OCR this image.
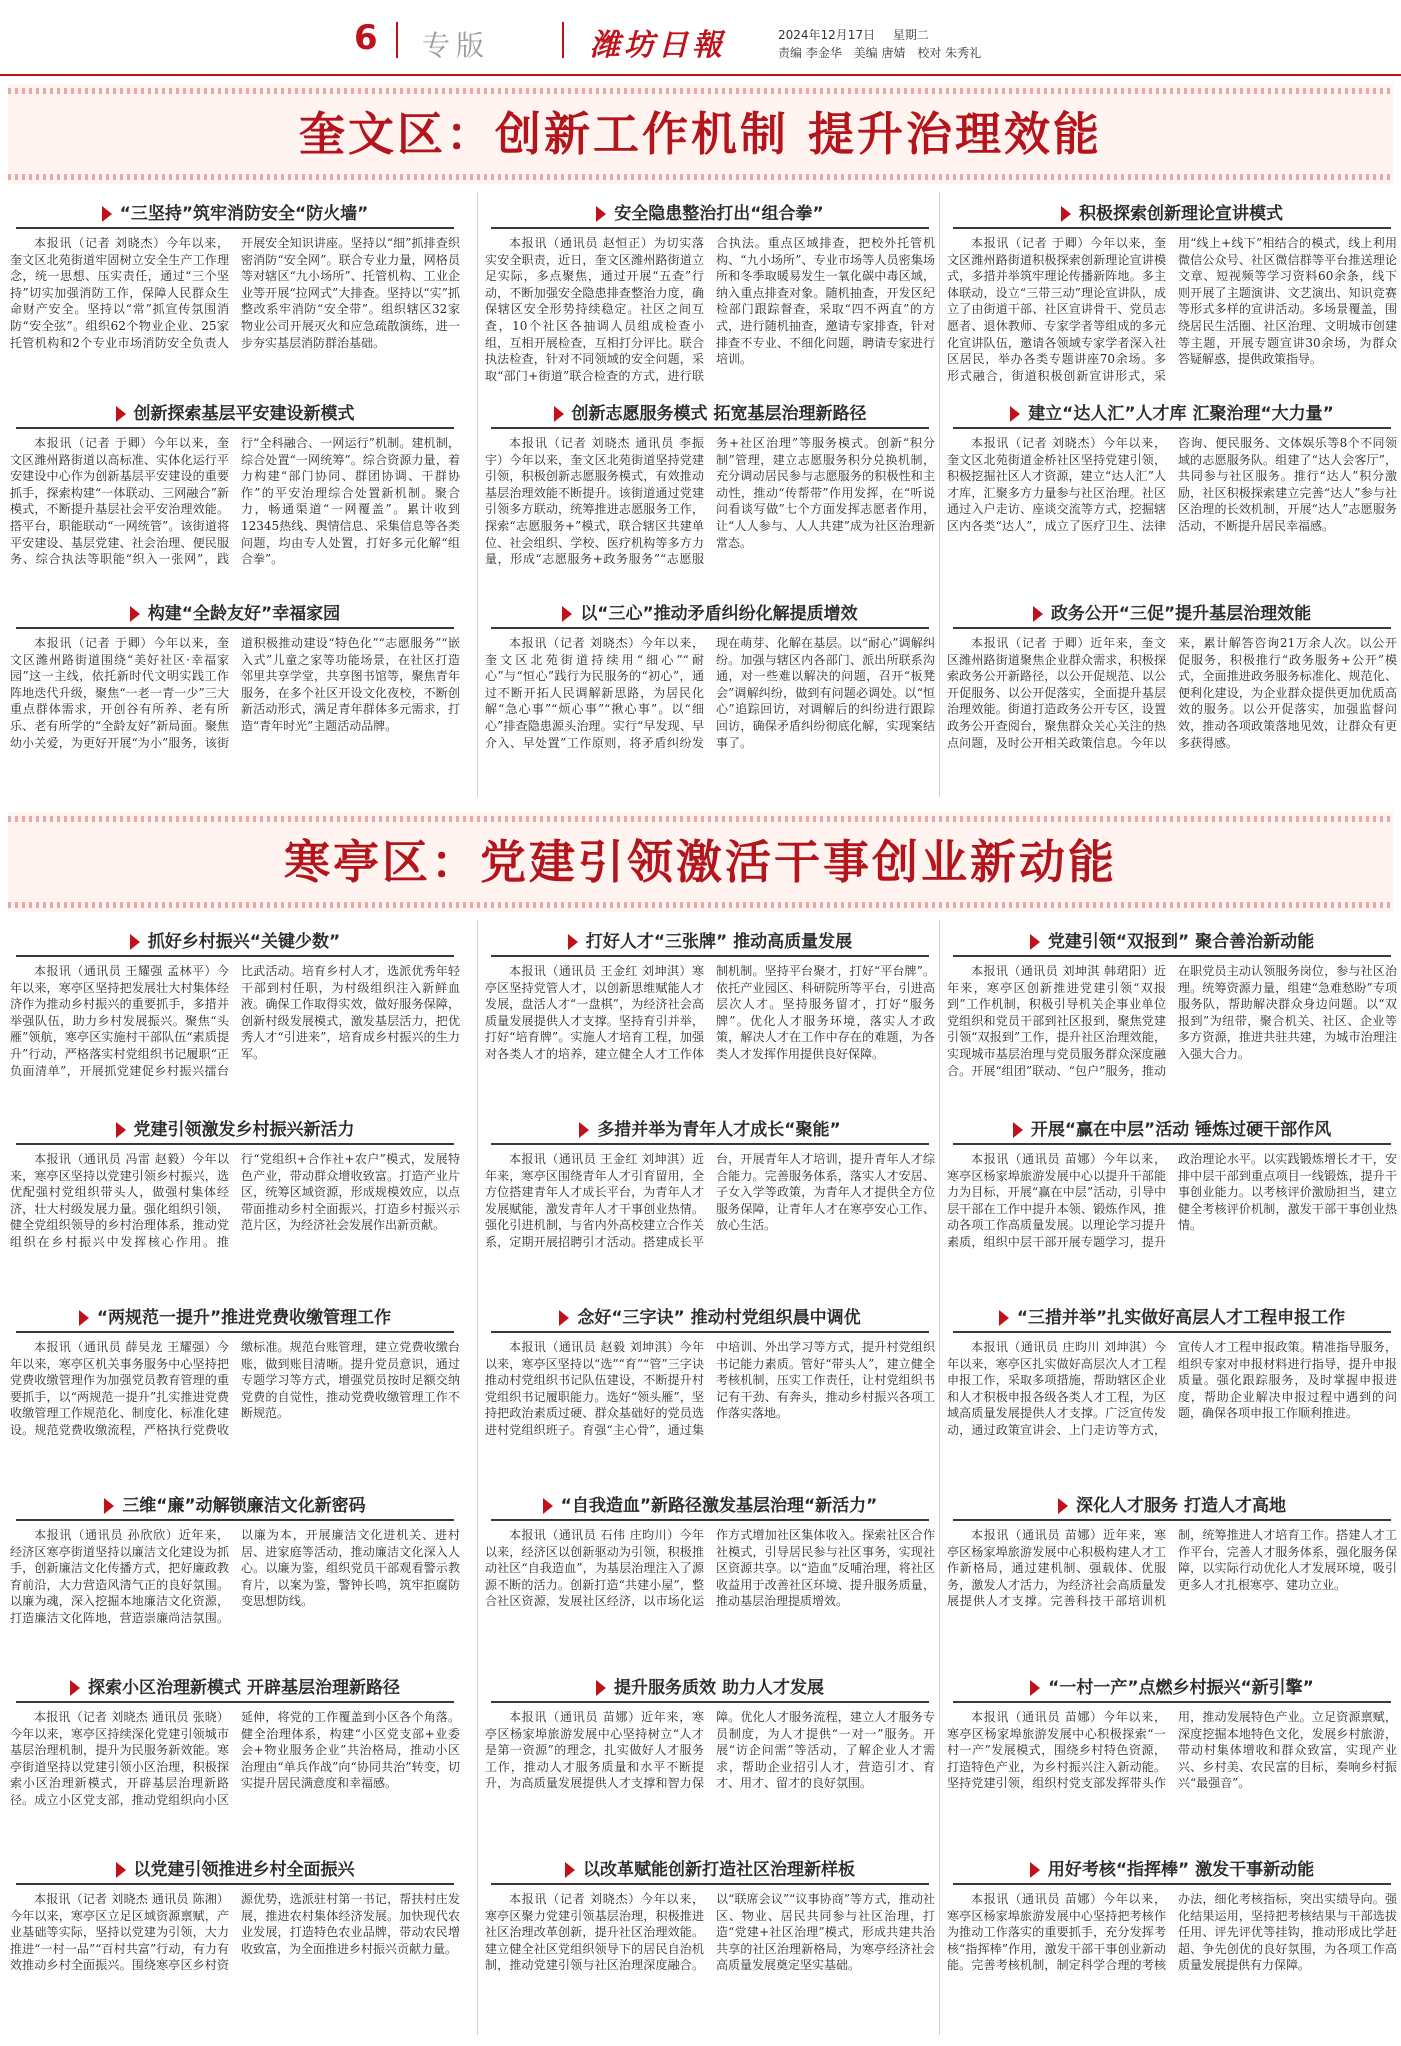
6 专版	潍坊日報	2024年12月17日 星期二
责编 李金华 美编 唐婧 校对 朱秀礼
奎文区：创新工作机制 提升治理效能
“三坚持”筑牢消防安全“防火墙”
本报讯（记者 刘晓杰）今年以来，奎文区北苑街道牢固树立安全生产工作理念，统一思想、压实责任，通过“三个坚持”切实加强消防工作，保障人民群众生命财产安全。坚持以“常”抓宣传氛围消防“安全弦”。组织62个物业企业、25家托管机构和2个专业市场消防安全负责人开展安全知识讲座。坚持以“细”抓排查织密消防“安全网”。联合专业力量，网格员等对辖区“九小场所”、托管机构、工业企业等开展“拉网式”大排查。坚持以“实”抓整改系牢消防“安全带”。组织辖区32家物业公司开展灭火和应急疏散演练，进一步夯实基层消防群治基础。
安全隐患整治打出“组合拳”
本报讯（通讯员 赵恒正）为切实落实安全职责，近日，奎文区潍州路街道立足实际，多点聚焦，通过开展“五查”行动，不断加强安全隐患排查整治力度，确保辖区安全形势持续稳定。社区之间互查，10个社区各抽调人员组成检查小组，互相开展检查，互相打分评比。联合执法检查，针对不同领域的安全问题，采取“部门+街道”联合检查的方式，进行联合执法。重点区域排查，把校外托管机构、“九小场所”、专业市场等人员密集场所和冬季取暖易发生一氧化碳中毒区域，纳入重点排查对象。随机抽查，开发区纪检部门跟踪督查，采取“四不两直”的方式，进行随机抽查，邀请专家排查，针对排查不专业、不细化问题，聘请专家进行培训。
积极探索创新理论宣讲模式
本报讯（记者 于卿）今年以来，奎文区潍州路街道积极探索创新理论宣讲模式，多措并举筑牢理论传播新阵地。多主体联动，设立“三带三动”理论宣讲队，成立了由街道干部、社区宣讲骨干、党员志愿者、退休教师、专家学者等组成的多元化宣讲队伍，邀请各领域专家学者深入社区居民，举办各类专题讲座70余场。多形式融合，街道积极创新宣讲形式，采用“线上+线下”相结合的模式，线上利用微信公众号、社区微信群等平台推送理论文章、短视频等学习资料60余条，线下则开展了主题演讲、文艺演出、知识竞赛等形式多样的宣讲活动。多场景覆盖，围绕居民生活圈、社区治理、文明城市创建等主题，开展专题宣讲30余场，为群众答疑解惑，提供政策指导。
创新探索基层平安建设新模式
本报讯（记者 于卿）今年以来，奎文区潍州路街道以高标准、实体化运行平安建设中心作为创新基层平安建设的重要抓手，探索构建“一体联动、三网融合”新模式，不断提升基层社会平安治理效能。搭平台，职能联动“一网统管”。该街道将平安建设、基层党建、社会治理、便民服务、综合执法等职能“织入一张网”，践行“全科融合、一网运行”机制。建机制，综合处置“一网统筹”。综合资源力量，着力构建“部门协同、群团协调、干群协作”的平安治理综合处置新机制。聚合力，畅通渠道“一网覆盖”。累计收到12345热线、舆情信息、采集信息等各类问题，均由专人处置，打好多元化解“组合拳”。
创新志愿服务模式 拓宽基层治理新路径
本报讯（记者 刘晓杰 通讯员 李振宇）今年以来，奎文区北苑街道坚持党建引领，积极创新志愿服务模式，有效推动基层治理效能不断提升。该街道通过党建引领多方联动，统筹推进志愿服务工作，探索“志愿服务+”模式，联合辖区共建单位、社会组织、学校、医疗机构等多方力量，形成“志愿服务+政务服务”“志愿服务+社区治理”等服务模式。创新“积分制”管理，建立志愿服务积分兑换机制，充分调动居民参与志愿服务的积极性和主动性，推动“传帮带”作用发挥，在“听说问看谈写做”七个方面发挥志愿者作用，让“人人参与、人人共建”成为社区治理新常态。
建立“达人汇”人才库 汇聚治理“大力量”
本报讯（记者 刘晓杰）今年以来，奎文区北苑街道金桥社区坚持党建引领，积极挖掘社区人才资源，建立“达人汇”人才库，汇聚多方力量参与社区治理。社区通过入户走访、座谈交流等方式，挖掘辖区内各类“达人”，成立了医疗卫生、法律咨询、便民服务、文体娱乐等8个不同领域的志愿服务队。组建了“达人会客厅”，共同参与社区服务。推行“达人”积分激励，社区积极探索建立完善“达人”参与社区治理的长效机制，开展“达人”志愿服务活动，不断提升居民幸福感。
构建“全龄友好”幸福家园
本报讯（记者 于卿）今年以来，奎文区潍州路街道围绕“美好社区·幸福家园”这一主线，依托新时代文明实践工作阵地迭代升级，聚焦“一老一青一少”三大重点群体需求，开创谷有所养、老有所乐、老有所学的“全龄友好”新局面。聚焦幼小关爱，为更好开展“为小”服务，该街道积极推动建设“特色化”“志愿服务”“嵌入式”儿童之家等功能场景，在社区打造邻里共享学堂，共享图书馆等，聚焦青年服务，在多个社区开设文化夜校，不断创新活动形式，满足青年群体多元需求，打造“青年时光”主题活动品牌。
以“三心”推动矛盾纠纷化解提质增效
本报讯（记者 刘晓杰）今年以来，奎文区北苑街道持续用“细心”“耐心”与“恒心”践行为民服务的“初心”，通过不断开拓人民调解新思路，为居民化解“急心事”“烦心事”“揪心事”。以“细心”排查隐患源头治理。实行“早发现、早介入、早处置”工作原则，将矛盾纠纷发现在萌芽、化解在基层。以“耐心”调解纠纷。加强与辖区内各部门、派出所联系沟通，对一些难以解决的问题，召开“板凳会”调解纠纷，做到有问题必调处。以“恒心”追踪回访，对调解后的纠纷进行跟踪回访，确保矛盾纠纷彻底化解，实现案结事了。
政务公开“三促”提升基层治理效能
本报讯（记者 于卿）近年来，奎文区潍州路街道聚焦企业群众需求，积极探索政务公开新路径，以公开促规范、以公开促服务、以公开促落实，全面提升基层治理效能。街道打造政务公开专区，设置政务公开查阅台，聚焦群众关心关注的热点问题，及时公开相关政策信息。今年以来，累计解答咨询21万余人次。以公开促服务，积极推行“政务服务+公开”模式，全面推进政务服务标准化、规范化、便利化建设，为企业群众提供更加优质高效的服务。以公开促落实，加强监督问效，推动各项政策落地见效，让群众有更多获得感。
寒亭区：党建引领激活干事创业新动能
抓好乡村振兴“关键少数”
本报讯（通讯员 王耀强 孟林平）今年以来，寒亭区坚持把发展壮大村集体经济作为推动乡村振兴的重要抓手，多措并举强队伍，助力乡村发展振兴。聚焦“头雁”领航，寒亭区实施村干部队伍“素质提升”行动，严格落实村党组织书记履职“正负面清单”，开展抓党建促乡村振兴擂台比武活动。培育乡村人才，选派优秀年轻干部到村任职，为村级组织注入新鲜血液。确保工作取得实效，做好服务保障，创新村级发展模式，激发基层活力，把优秀人才“引进来”，培育成乡村振兴的生力军。
打好人才“三张牌” 推动高质量发展
本报讯（通讯员 王金红 刘坤淇）寒亭区坚持党管人才，以创新思维赋能人才发展，盘活人才“一盘棋”，为经济社会高质量发展提供人才支撑。坚持育引并举，打好“培育牌”。实施人才培育工程，加强对各类人才的培养，建立健全人才工作体制机制。坚持平台聚才，打好“平台牌”。依托产业园区、科研院所等平台，引进高层次人才。坚持服务留才，打好“服务牌”。优化人才服务环境，落实人才政策，解决人才在工作中存在的难题，为各类人才发挥作用提供良好保障。
党建引领“双报到” 聚合善治新动能
本报讯（通讯员 刘坤淇 韩珺阳）近年来，寒亭区创新推进党建引领“双报到”工作机制，积极引导机关企事业单位党组织和党员干部到社区报到，聚焦党建引领“双报到”工作，提升社区治理效能，实现城市基层治理与党员服务群众深度融合。开展“组团”联动、“包户”服务，推动在职党员主动认领服务岗位，参与社区治理。统筹资源力量，组建“急难愁盼”专项服务队，帮助解决群众身边问题。以“双报到”为纽带，聚合机关、社区、企业等多方资源，推进共驻共建，为城市治理注入强大合力。
党建引领激发乡村振兴新活力
本报讯（通讯员 冯雷 赵毅）今年以来，寒亭区坚持以党建引领乡村振兴，选优配强村党组织带头人，做强村集体经济，壮大村级发展力量。强化组织引领，健全党组织领导的乡村治理体系，推动党组织在乡村振兴中发挥核心作用。推行“党组织+合作社+农户”模式，发展特色产业，带动群众增收致富。打造产业片区，统筹区域资源，形成规模效应，以点带面推动乡村全面振兴，打造乡村振兴示范片区，为经济社会发展作出新贡献。
多措并举为青年人才成长“聚能”
本报讯（通讯员 王金红 刘坤淇）近年来，寒亭区围绕青年人才引育留用，全方位搭建青年人才成长平台，为青年人才发展赋能，激发青年人才干事创业热情。强化引进机制，与省内外高校建立合作关系，定期开展招聘引才活动。搭建成长平台，开展青年人才培训，提升青年人才综合能力。完善服务体系，落实人才安居、子女入学等政策，为青年人才提供全方位服务保障，让青年人才在寒亭安心工作、放心生活。
开展“赢在中层”活动 锤炼过硬干部作风
本报讯（通讯员 苗娜）今年以来，寒亭区杨家埠旅游发展中心以提升干部能力为目标，开展“赢在中层”活动，引导中层干部在工作中提升本领、锻炼作风，推动各项工作高质量发展。以理论学习提升素质，组织中层干部开展专题学习，提升政治理论水平。以实践锻炼增长才干，安排中层干部到重点项目一线锻炼，提升干事创业能力。以考核评价激励担当，建立健全考核评价机制，激发干部干事创业热情。
“两规范一提升”推进党费收缴管理工作
本报讯（通讯员 薛昊龙 王耀强）今年以来，寒亭区机关事务服务中心坚持把党费收缴管理作为加强党员教育管理的重要抓手，以“两规范一提升”扎实推进党费收缴管理工作规范化、制度化、标准化建设。规范党费收缴流程，严格执行党费收缴标准。规范台账管理，建立党费收缴台账，做到账目清晰。提升党员意识，通过专题学习等方式，增强党员按时足额交纳党费的自觉性，推动党费收缴管理工作不断规范。
念好“三字诀” 推动村党组织晨中调优
本报讯（通讯员 赵毅 刘坤淇）今年以来，寒亭区坚持以“选”“育”“管”三字诀推动村党组织书记队伍建设，不断提升村党组织书记履职能力。选好“领头雁”，坚持把政治素质过硬、群众基础好的党员选进村党组织班子。育强“主心骨”，通过集中培训、外出学习等方式，提升村党组织书记能力素质。管好“带头人”，建立健全考核机制，压实工作责任，让村党组织书记有干劲、有奔头，推动乡村振兴各项工作落实落地。
“三措并举”扎实做好高层人才工程申报工作
本报讯（通讯员 庄昀川 刘坤淇）今年以来，寒亭区扎实做好高层次人才工程申报工作，采取多项措施，帮助辖区企业和人才积极申报各级各类人才工程，为区域高质量发展提供人才支撑。广泛宣传发动，通过政策宣讲会、上门走访等方式，宣传人才工程申报政策。精准指导服务，组织专家对申报材料进行指导，提升申报质量。强化跟踪服务，及时掌握申报进度，帮助企业解决申报过程中遇到的问题，确保各项申报工作顺利推进。
三维“廉”动解锁廉洁文化新密码
本报讯（通讯员 孙欣欣）近年来，经济区寒亭街道坚持以廉洁文化建设为抓手，创新廉洁文化传播方式，把好廉政教育前沿，大力营造风清气正的良好氛围。以廉为魂，深入挖掘本地廉洁文化资源，打造廉洁文化阵地，营造崇廉尚洁氛围。以廉为本，开展廉洁文化进机关、进村居、进家庭等活动，推动廉洁文化深入人心。以廉为鉴，组织党员干部观看警示教育片，以案为鉴，警钟长鸣，筑牢拒腐防变思想防线。
“自我造血”新路径激发基层治理“新活力”
本报讯（通讯员 石伟 庄昀川）今年以来，经济区以创新驱动为引领，积极推动社区“自我造血”，为基层治理注入了源源不断的活力。创新打造“共建小屋”，整合社区资源，发展社区经济，以市场化运作方式增加社区集体收入。探索社区合作社模式，引导居民参与社区事务，实现社区资源共享。以“造血”反哺治理，将社区收益用于改善社区环境、提升服务质量，推动基层治理提质增效。
深化人才服务 打造人才高地
本报讯（通讯员 苗娜）近年来，寒亭区杨家埠旅游发展中心积极构建人才工作新格局，通过建机制、强载体、优服务，激发人才活力，为经济社会高质量发展提供人才支撑。完善科技干部培训机制，统筹推进人才培育工作。搭建人才工作平台，完善人才服务体系，强化服务保障，以实际行动优化人才发展环境，吸引更多人才扎根寒亭、建功立业。
探索小区治理新模式 开辟基层治理新路径
本报讯（记者 刘晓杰 通讯员 张晓）今年以来，寒亭区持续深化党建引领城市基层治理机制，提升为民服务新效能。寒亭街道坚持以党建引领小区治理，积极探索小区治理新模式，开辟基层治理新路径。成立小区党支部，推动党组织向小区延伸，将党的工作覆盖到小区各个角落。健全治理体系，构建“小区党支部+业委会+物业服务企业”共治格局，推动小区治理由“单兵作战”向“协同共治”转变，切实提升居民满意度和幸福感。
提升服务质效 助力人才发展
本报讯（通讯员 苗娜）近年来，寒亭区杨家埠旅游发展中心坚持树立“人才是第一资源”的理念，扎实做好人才服务工作，推动人才服务质量和水平不断提升，为高质量发展提供人才支撑和智力保障。优化人才服务流程，建立人才服务专员制度，为人才提供“一对一”服务。开展“访企问需”等活动，了解企业人才需求，帮助企业招引人才，营造引才、育才、用才、留才的良好氛围。
“一村一产”点燃乡村振兴“新引擎”
本报讯（通讯员 苗娜）今年以来，寒亭区杨家埠旅游发展中心积极探索“一村一产”发展模式，围绕乡村特色资源，打造特色产业，为乡村振兴注入新动能。坚持党建引领，组织村党支部发挥带头作用，推动发展特色产业。立足资源禀赋，深度挖掘本地特色文化，发展乡村旅游，带动村集体增收和群众致富，实现产业兴、乡村美、农民富的目标，奏响乡村振兴“最强音”。
以党建引领推进乡村全面振兴
本报讯（记者 刘晓杰 通讯员 陈湘）今年以来，寒亭区立足区域资源禀赋，产业基础等实际，坚持以党建为引领，大力推进“一村一品”“百村共富”行动，有力有效推动乡村全面振兴。围绕寒亭区乡村资源优势，选派驻村第一书记，帮扶村庄发展，推进农村集体经济发展。加快现代农业发展，打造特色农业品牌，带动农民增收致富，为全面推进乡村振兴贡献力量。
以改革赋能创新打造社区治理新样板
本报讯（记者 刘晓杰）今年以来，寒亭区聚力党建引领基层治理，积极推进社区治理改革创新，提升社区治理效能。建立健全社区党组织领导下的居民自治机制，推动党建引领与社区治理深度融合。以“联席会议”“议事协商”等方式，推动社区、物业、居民共同参与社区治理，打造“党建+社区治理”模式，形成共建共治共享的社区治理新格局，为寒亭经济社会高质量发展奠定坚实基础。
用好考核“指挥棒” 激发干事新动能
本报讯（通讯员 苗娜）今年以来，寒亭区杨家埠旅游发展中心坚持把考核作为推动工作落实的重要抓手，充分发挥考核“指挥棒”作用，激发干部干事创业新动能。完善考核机制，制定科学合理的考核办法，细化考核指标，突出实绩导向。强化结果运用，坚持把考核结果与干部选拔任用、评先评优等挂钩，推动形成比学赶超、争先创优的良好氛围，为各项工作高质量发展提供有力保障。
